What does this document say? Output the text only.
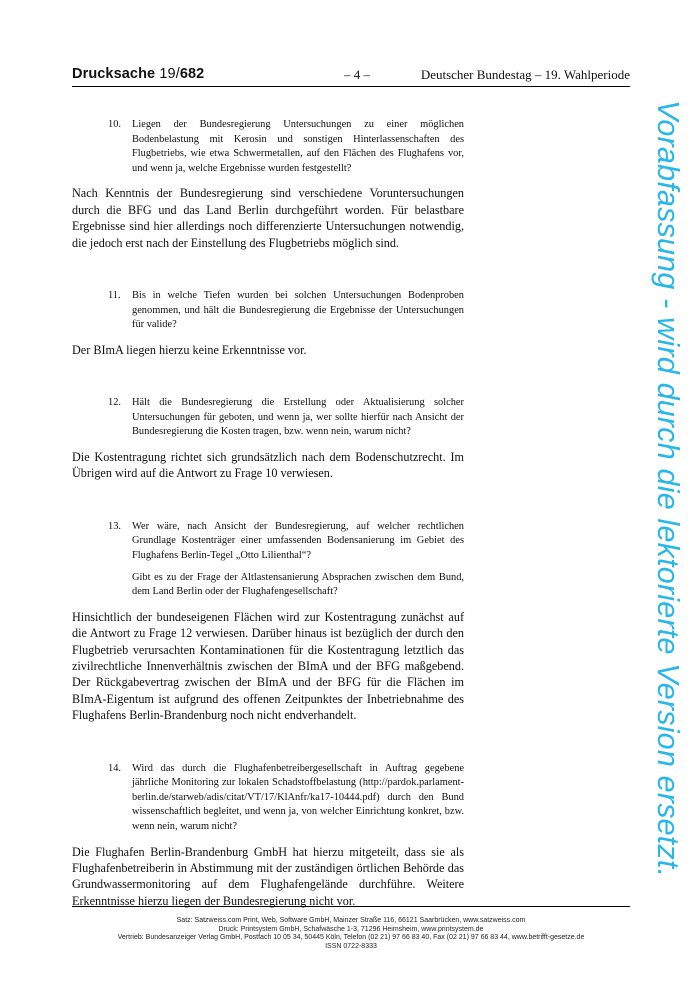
Drucksache 19/682	– 4 –	Deutscher Bundestag – 19. Wahlperiode
10. Liegen der Bundesregierung Untersuchungen zu einer möglichen Bodenbelastung mit Kerosin und sonstigen Hinterlassenschaften des Flugbetriebs, wie etwa Schwermetallen, auf den Flächen des Flughafens vor, und wenn ja, welche Ergebnisse wurden festgestellt?

Nach Kenntnis der Bundesregierung sind verschiedene Voruntersuchungen durch die BFG und das Land Berlin durchgeführt worden. Für belastbare Ergebnisse sind hier allerdings noch differenzierte Untersuchungen notwendig, die jedoch erst nach der Einstellung des Flugbetriebs möglich sind.

11. Bis in welche Tiefen wurden bei solchen Untersuchungen Bodenproben genommen, und hält die Bundesregierung die Ergebnisse der Untersuchungen für valide?

Der BImA liegen hierzu keine Erkenntnisse vor.

12. Hält die Bundesregierung die Erstellung oder Aktualisierung solcher Untersuchungen für geboten, und wenn ja, wer sollte hierfür nach Ansicht der Bundesregierung die Kosten tragen, bzw. wenn nein, warum nicht?

Die Kostentragung richtet sich grundsätzlich nach dem Bodenschutzrecht. Im Übrigen wird auf die Antwort zu Frage 10 verwiesen.

13. Wer wäre, nach Ansicht der Bundesregierung, auf welcher rechtlichen Grundlage Kostenträger einer umfassenden Bodensanierung im Gebiet des Flughafens Berlin-Tegel „Otto Lilienthal“?

Gibt es zu der Frage der Altlastensanierung Absprachen zwischen dem Bund, dem Land Berlin oder der Flughafengesellschaft?

Hinsichtlich der bundeseigenen Flächen wird zur Kostentragung zunächst auf die Antwort zu Frage 12 verwiesen. Darüber hinaus ist bezüglich der durch den Flugbetrieb verursachten Kontaminationen für die Kostentragung letztlich das zivilrechtliche Innenverhältnis zwischen der BImA und der BFG maßgebend. Der Rückgabevertrag zwischen der BImA und der BFG für die Flächen im BImA-Eigentum ist aufgrund des offenen Zeitpunktes der Inbetriebnahme des Flughafens Berlin-Brandenburg noch nicht endverhandelt.

14. Wird das durch die Flughafenbetreibergesellschaft in Auftrag gegebene jährliche Monitoring zur lokalen Schadstoffbelastung (http://pardok.parlament-berlin.de/starweb/adis/citat/VT/17/KlAnfr/ka17-10444.pdf) durch den Bund wissenschaftlich begleitet, und wenn ja, von welcher Einrichtung konkret, bzw. wenn nein, warum nicht?

Die Flughafen Berlin-Brandenburg GmbH hat hierzu mitgeteilt, dass sie als Flughafenbetreiberin in Abstimmung mit der zuständigen örtlichen Behörde das Grundwassermonitoring auf dem Flughafengelände durchführe. Weitere Erkenntnisse hierzu liegen der Bundesregierung nicht vor.

Satz: Satzweiss.com Print, Web, Software GmbH, Mainzer Straße 116, 66121 Saarbrücken, www.satzweiss.com
Druck: Printsystem GmbH, Schafwäsche 1-3, 71296 Heimsheim, www.printsystem.de
Vertrieb: Bundesanzeiger Verlag GmbH, Postfach 10 05 34, 50445 Köln, Telefon (02 21) 97 66 83 40, Fax (02 21) 97 66 83 44, www.betrifft-gesetze.de
ISSN 0722-8333
Vorabfassung - wird durch die lektorierte Version ersetzt.
